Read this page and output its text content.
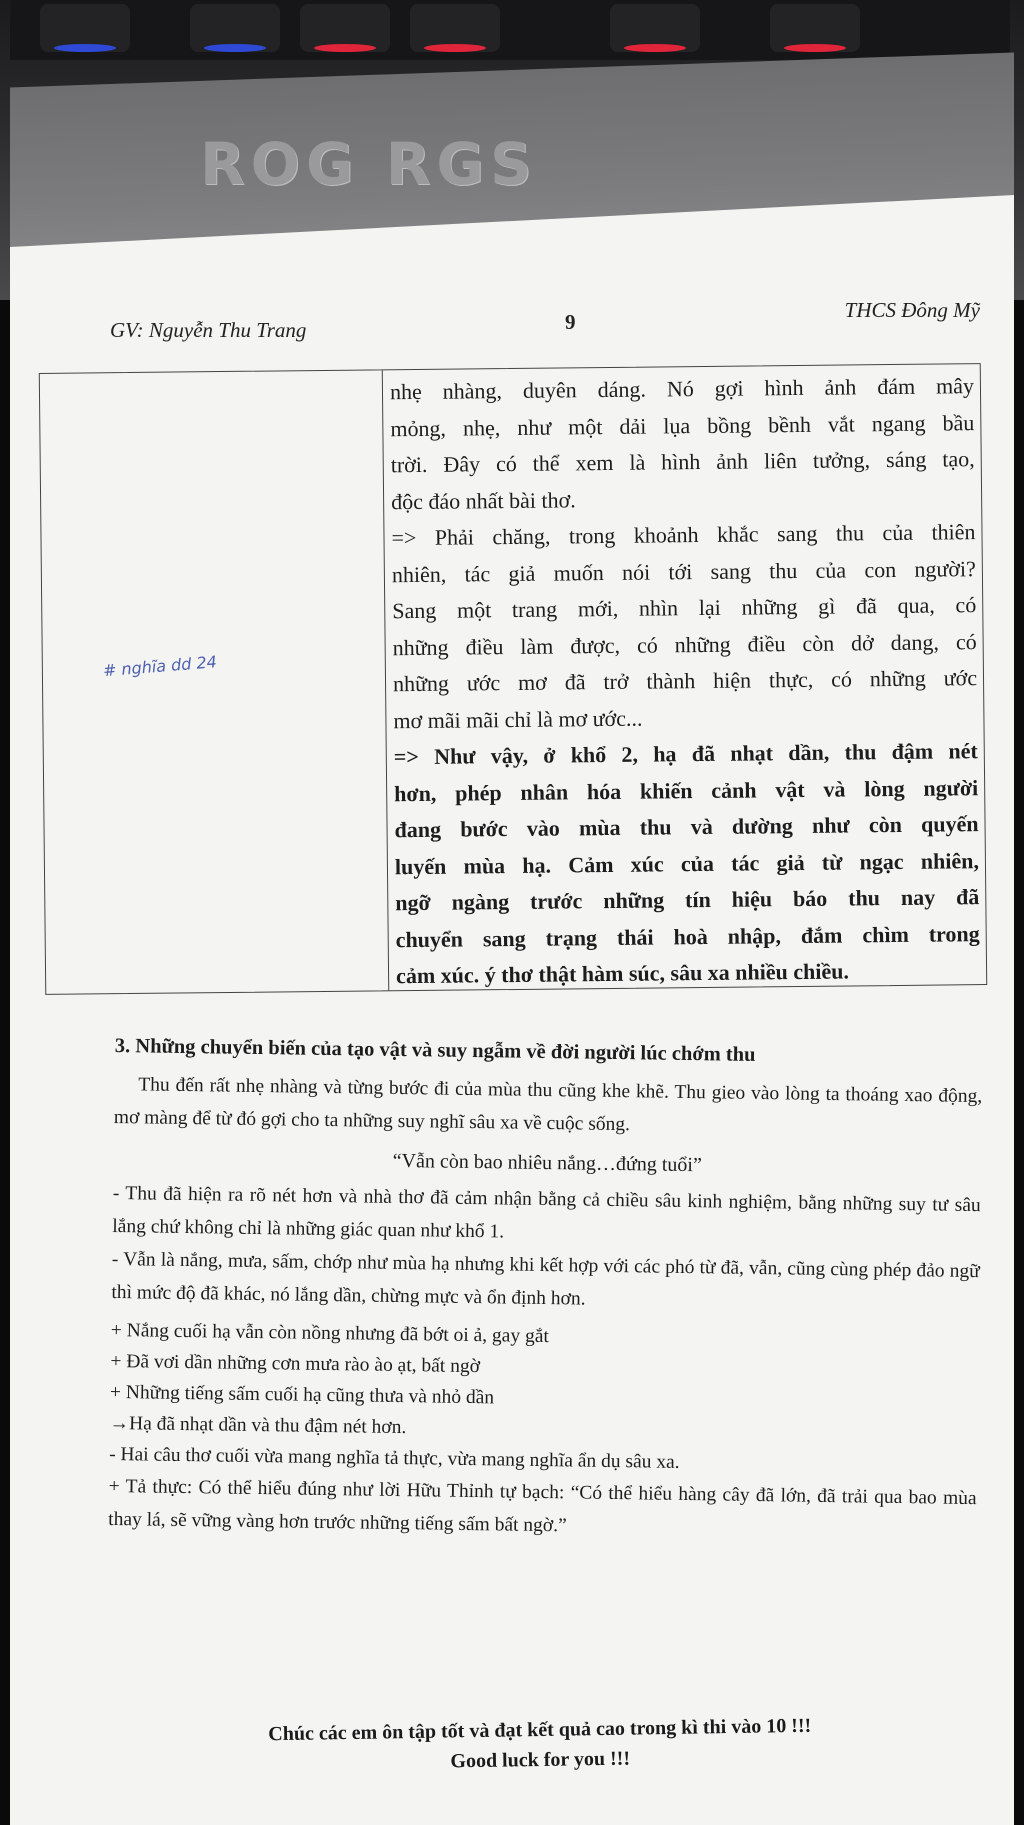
ROG RGS
GV: Nguyễn Thu Trang	9	THCS Đông Mỹ
# nghĩa dd 24

nhẹ nhàng, duyên dáng. Nó gợi hình ảnh đám mây

mỏng, nhẹ, như một dải lụa bồng bềnh vắt ngang bầu

trời. Đây có thể xem là hình ảnh liên tưởng, sáng tạo,

độc đáo nhất bài thơ.

=> Phải chăng, trong khoảnh khắc sang thu của thiên

nhiên, tác giả muốn nói tới sang thu của con người?

Sang một trang mới, nhìn lại những gì đã qua, có

những điều làm được, có những điều còn dở dang, có

những ước mơ đã trở thành hiện thực, có những ước

mơ mãi mãi chỉ là mơ ước...

=> Như vậy, ở khổ 2, hạ đã nhạt dần, thu đậm nét

hơn, phép nhân hóa khiến cảnh vật và lòng người

đang bước vào mùa thu và dường như còn quyến

luyến mùa hạ. Cảm xúc của tác giả từ ngạc nhiên,

ngỡ ngàng trước những tín hiệu báo thu nay đã

chuyển sang trạng thái hoà nhập, đắm chìm trong

cảm xúc. ý thơ thật hàm súc, sâu xa nhiều chiều.

3. Những chuyển biến của tạo vật và suy ngẫm về đời người lúc chớm thu

Thu đến rất nhẹ nhàng và từng bước đi của mùa thu cũng khe khẽ. Thu gieo vào lòng ta thoáng xao động, mơ màng để từ đó gợi cho ta những suy nghĩ sâu xa về cuộc sống.

“Vẫn còn bao nhiêu nắng…đứng tuổi”

- Thu đã hiện ra rõ nét hơn và nhà thơ đã cảm nhận bằng cả chiều sâu kinh nghiệm, bằng những suy tư sâu lắng chứ không chỉ là những giác quan như khổ 1.

- Vẫn là nắng, mưa, sấm, chớp như mùa hạ nhưng khi kết hợp với các phó từ đã, vẫn, cũng cùng phép đảo ngữ thì mức độ đã khác, nó lắng dần, chừng mực và ổn định hơn.

+ Nắng cuối hạ vẫn còn nồng nhưng đã bớt oi ả, gay gắt

+ Đã vơi dần những cơn mưa rào ào ạt, bất ngờ

+ Những tiếng sấm cuối hạ cũng thưa và nhỏ dần

→Hạ đã nhạt dần và thu đậm nét hơn.

- Hai câu thơ cuối vừa mang nghĩa tả thực, vừa mang nghĩa ẩn dụ sâu xa.

+ Tả thực: Có thể hiểu đúng như lời Hữu Thỉnh tự bạch: “Có thể hiểu hàng cây đã lớn, đã trải qua bao mùa thay lá, sẽ vững vàng hơn trước những tiếng sấm bất ngờ.”

Chúc các em ôn tập tốt và đạt kết quả cao trong kì thi vào 10 !!!
Good luck for you !!!
